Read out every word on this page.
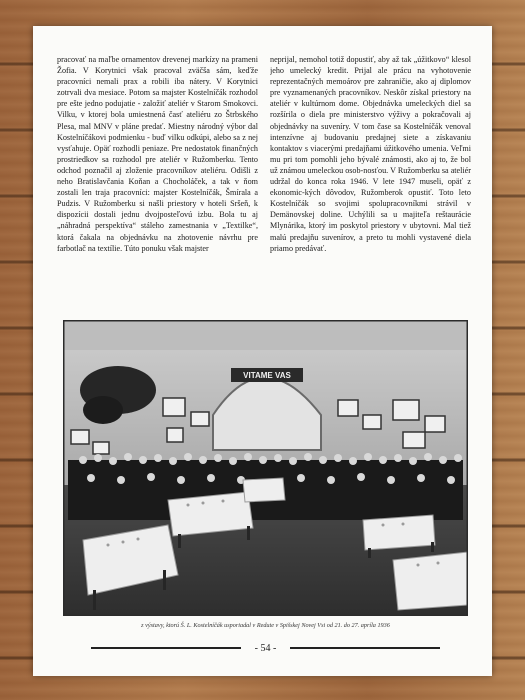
pracovať na maľbe ornamentov drevenej markízy na prameni Žofia. V Korytnici však pracoval zväčša sám, keďže pracovníci nemali prax a robili iba nátery. V Korytnici zotrvali dva mesiace. Potom sa majster Kostelníčák rozhodol pre ešte jedno podujatie - založiť ateliér v Starom Smokovci. Vilku, v ktorej bola umiestnená časť ateliéru zo Štrbského Plesa, mal MNV v pláne predať. Miestny národný výbor dal Kostelníčákovi podmienku - buď vilku odkúpi, alebo sa z nej vysťahuje. Opäť rozhodli peniaze. Pre nedostatok finančných prostriedkov sa rozhodol pre ateliér v Ružomberku. Tento odchod poznačil aj zloženie pracovníkov ateliéru. Odišli z neho Bratislavčania Koňan a Chocholáček, a tak v ňom zostali len traja pracovníci: majster Kostelníčák, Šmírala a Pudzis. V Ružomberku si našli priestory v hoteli Sršeň, k dispozícii dostali jednu dvojposteľovú izbu. Bola tu aj „náhradná perspektíva“ stáleho zamestnania v „Textilke“, ktorá čakala na objednávku na zhotovenie návrhu pre farbotlač na textílie. Túto ponuku však majster

neprijal, nemohol totiž dopustiť, aby až tak „úžitkovo“ klesol jeho umelecký kredit. Prijal ale prácu na vyhotovenie reprezentačných memoárov pre zahraničie, ako aj diplomov pre vyznamenaných pracovníkov. Neskôr získal priestory na ateliér v kultúrnom dome. Objednávka umeleckých diel sa rozšírila o diela pre ministerstvo výživy a pokračovali aj objednávky na suveníry. V tom čase sa Kostelníčák venoval intenzívne aj budovaniu predajnej siete a získavaniu kontaktov s viacerými predajňami úžitkového umenia. Veľmi mu pri tom pomohli jeho bývalé známosti, ako aj to, že bol už známou umeleckou osob-nosťou. V Ružomberku sa ateliér udržal do konca roka 1946. V lete 1947 museli, opäť z ekonomic-kých dôvodov, Ružomberok opustiť. Toto leto Kostelníčák so svojimi spolupracovníkmi strávil v Demänovskej doline. Uchýlili sa u majiteľa reštaurácie Mlynárika, ktorý im poskytol priestory v ubytovni. Mal tiež malú predajňu suvenírov, a preto tu mohli vystavené diela priamo predávať.

VITAME VAS
z výstavy, ktorú Š. L. Kostelníčák usporiadal v Redute v Spišskej Novej Vsi od 21. do 27. apríla 1936
- 54 -
